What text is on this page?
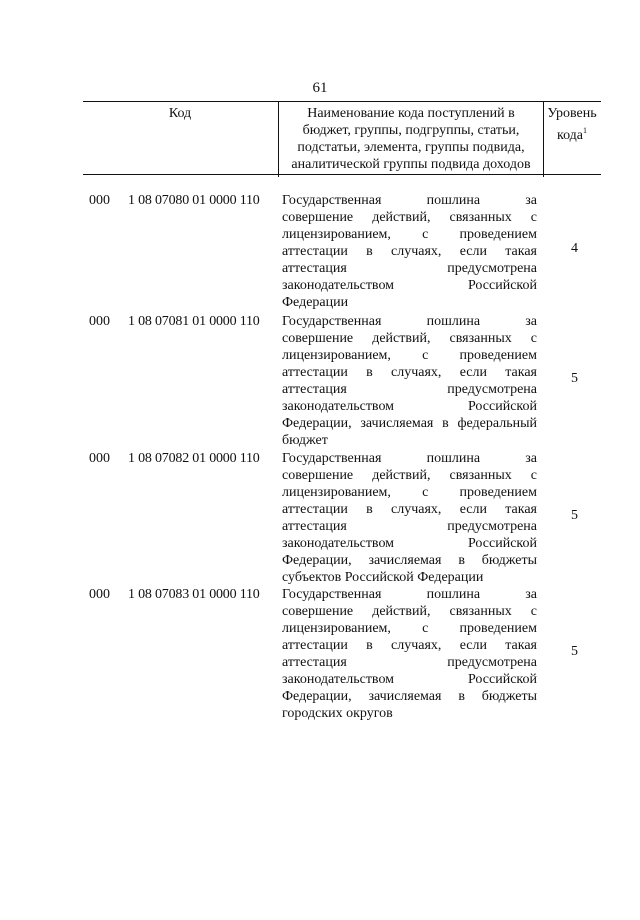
61
Код	Наименование кода поступлений в
бюджет, группы, подгруппы, статьи,
подстатьи, элемента, группы подвида,
аналитической группы подвида доходов
Уровень
кода$^1$
000 1 08 07080 01 0000 110 Государственная пошлина за
совершение действий, связанных с
лицензированием, с проведением
аттестации в случаях, если такая
аттестация предусмотрена
законодательством Российской
Федерации
4
000 1 08 07081 01 0000 110 Государственная пошлина за
совершение действий, связанных с
лицензированием, с проведением
аттестации в случаях, если такая
аттестация предусмотрена
законодательством Российской
Федерации, зачисляемая в федеральный
бюджет
5
000 1 08 07082 01 0000 110 Государственная пошлина за
совершение действий, связанных с
лицензированием, с проведением
аттестации в случаях, если такая
аттестация предусмотрена
законодательством Российской
Федерации, зачисляемая в бюджеты
субъектов Российской Федерации
5
000 1 08 07083 01 0000 110 Государственная пошлина за
совершение действий, связанных с
лицензированием, с проведением
аттестации в случаях, если такая
аттестация предусмотрена
законодательством Российской
Федерации, зачисляемая в бюджеты
городских округов
5
